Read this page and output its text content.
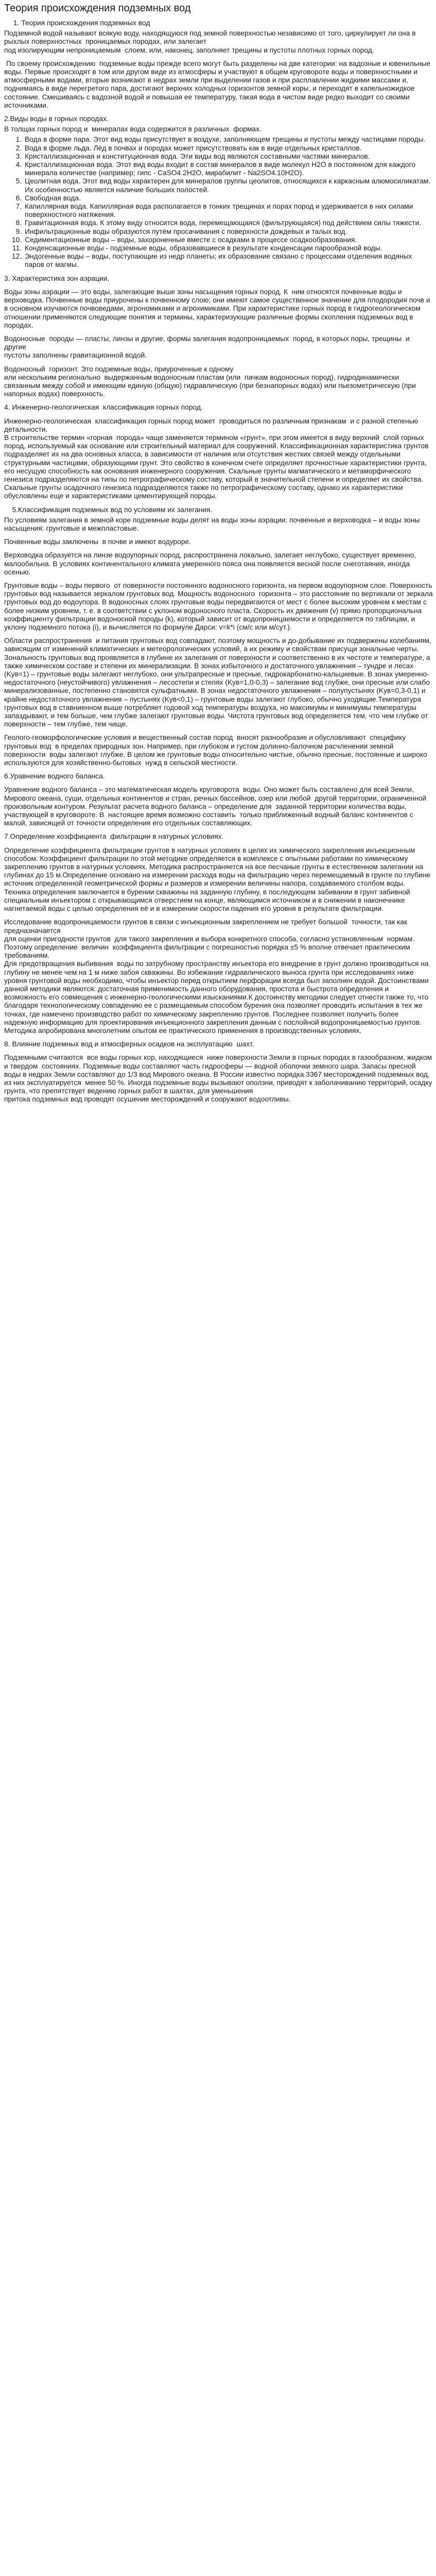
Теория происхождения подземных вод

1. Теория происхождения подземных вод

Подземной водой называют всякую воду, находящуюся под земной поверхностью независимо от того, циркулирует ли она в рыхлых поверхностных  проницаемых породах, или залегает
под изолирующим непроницаемым  слоем, или, наконец, заполняет трещины и пустоты плотных горных пород.

По своему происхождению  подземные воды прежде всего могут быть разделены на две категории: на вадозные и ювенильные воды. Первые происходят в том или другом виде из атмосферы и участвуют в общем круговороте воды и поверхностными и атмосферными водами, вторые возникают в недрах земли при выделении газов и при расплавлении жидкими массами и, поднимаясь в виде перегретого пара, достигают верхних холодных горизонтов земной коры, и переходят в капельножидкое состояние. Смешиваясь с вадозной водой и повышая ее температуру, такая вода в чистом виде редко выходит со своими источниками.

2.Виды воды в горных породах.

В толщах горных пород и  минералах вода содержится в различных  формах.

1. Вода в форме пара. Этот вид воды присутствует в воздухе, заполняющем трещины и пустоты между частицами породы.
2. Вода в форме льда. Лёд в почвах и породах может присутствовать как в виде отдельных кристаллов.
3. Кристаллизационная и конституционная вода. Эти виды вод являются составными частями минералов.
4. Кристаллизационная вода. Этот вид воды входит в состав минералов в виде молекул H2O в постоянном для каждого минерала количестве (например; гипс - CaSO4.2H2O, мирабилит - Na2SO4.10H2O).
5. Цеолитная вода. Этот вид воды характерен для минералов группы цеолитов, относящихся к каркасным алюмосиликатам. Их особенностью является наличие больших полостей.
6. Свободная вода.
7. Капиллярная вода. Капиллярная вода располагается в тонких трещинах и порах пород и удерживается в них силами поверхностного натяжения.
8. Гравитационная вода. К этому виду относится вода, перемещающаяся (фильтрующаяся) под действием силы тяжести.
9. Инфильтрационные воды образуются путём просачивания с поверхности дождевых и талых вод.
10. Седиментационные воды – воды, захороненные вместе с осадками в процессе осадкообразования.
11. Конденсационные воды - подземные воды, образовавшиеся в результате конденсации парообразной воды.
12. Эндогенные воды – воды, поступающие из недр планеты; их образование связано с процессами отделения водяных паров от магмы.

3. Характеристика зон аэрации.

Воды зоны аэрации — это воды, залегающие выше зоны насыщения горных пород. К  ним относятся почвенные воды и верховодка. Почвенные воды приурочены к почвенному слою; они имеют самое существенное значение для плодородия почв и в основном изучаются почвоведами, агрономиками и агрохимиками. При характеристике горных пород в гидрогеологическом отношении применяются следующие понятия и термины, характеризующие различные формы скопления подземных вод в породах.

Водоносные  породы — пласты, линзы и другие, формы залегания водопроницаемых  пород, в которых поры, трещины  и другие
пустоты заполнены гравитационной водой.

Водоносный  горизонт. Это подземные воды, приуроченные к одному
или нескольким регионально  выдержанным водоносным пластам (или  пачкам водоносных пород), гидродинамически связанным между собой и имеющим единую (общую) гидравлическую (при безнапорных водах) или пьезометрическую (при напорных водах) поверхность.

4. Инженерно-геологическая  классификация горных пород.

Инженерно-геологическая  классификация горных пород может  проводиться по различным признакам  и с разной степенью детальности.
В строительстве термин «горная  порода» чаще заменяется термином «грунт», при этом имеется в виду верхний  слой горных пород, используемый как основание или строительный материал для сооружений. Классификационная характеристика грунтов подразделяет их на два основных класса, в зависимости от наличия или отсутствия жестких связей между отдельными структурными частицами, образующими грунт. Это свойство в конечном счете определяет прочностные характеристики грунта, его несущую способность как основания инженерного сооружения. Скальные грунты магматического и метаморфического генезиса подразделяются на типы по петрографическому составу, который в значительной степени и определяет их свойства. Скальные грунты осадочного генезиса подразделяются также по петрографическому составу, однако их характеристики обусловлены еще и характеристиками цементирующей породы.

5.Классификация подземных вод по условиям их залегания.

По условиям залегания в земной коре подземные воды делят на воды зоны аэрации: почвенные и верховодка – и воды зоны насыщения: грунтовые и межпластовые.

Почвенные воды заключены  в почве и имеют водуроре.

Верховодка образуется на линзе водоупорных пород, распространена локально, залегает неглубоко, существует временно, малообильна. В условиях континентального климата умеренного пояса она появляется весной после снеготаяния, иногда осенью.

Грунтовые воды – воды первого  от поверхности постоянного водоносного горизонта, на первом водоупорном слое. Поверхность грунтовых вод называется зеркалом грунтовых вод. Мощность водоносного  горизонта – это расстояние по вертикали от зеркала грунтовых вод до водоупора. В водоносных слоях грунтовые воды передвигаются от мест с более высоким уровнем к местам с более низким уровнем, т. е. в соответствии с уклоном водоносного пласта. Скорость их движения (v) прямо пропорциональна коэффициенту фильтрации водоносной породы (k), который зависит от водопроницаемости и определяется по таблицам, и уклону подземного потока (i), и вычисляется по формуле Дарси: v=k*i (см/с или м/сут.).

Области распространения  и питания грунтовых вод совпадают, поэтому мощность и до-добывание их подвержены колебаниям, зависящим от изменений климатических и метеорологических условий, а их режиму и свойствам присущи зональные черты. Зональность грунтовых вод проявляется в глубине их залегания от поверхности и соответственно в их честоте и температуре, а также химическом составе и степени их минерализации. В зонах избыточного и достаточного увлажнения – тундре и лесах (Kув=1) – грунтовые воды залегают неглубоко, они ультрапресные и пресные, гидрокарбонатно-кальциевые. В зонах умеренно-недостаточного (неустойчивого) увлажнения – лесостепи и степях (Kув=1,0-0,3) – залегание вод глубже, они пресные или слабо минерализованные, постепенно становятся сульфатными. В зонах недостаточного увлажнения – полупустынях (Kув=0,3-0,1) и крайне недостаточного увлажнения – пустынях (Kув<0,1) – грунтовые воды залегают глубоко, обычно уходящие.Температура грунтовых вод в ставниенном выше потребляет годовой ход температуры воздуха, но максимумы и минимумы температуры запаздывают, и тем больше, чем глубже залегают грунтовые воды. Чистота грунтовых вод определяется тем, что чем глубже от поверхности – тем глубже, тем чище.

Геолого-геоморфологические условия и вещественный состав пород  вносят разнообразие и обусловливают  специфику грунтовых вод  в пределах природных зон. Например, при глубоком и густом долинно-балочном расчленении земной поверхности  воды залегают глубже. В целом же грунтовые воды относительно чистые, обычно пресные, постоянные и широко используются для хозяйственно-бытовых  нужд в сельской местности.

6.Уравнение водного баланса.

Уравнение водного баланса – это математическая модель круговорота  воды. Оно может быть составлено для всей Земли, Мирового океана, суши, отдельных континентов и стран, речных бассейнов, озер или любой  другой территории, ограниченной произвольным контуром. Результат расчета водного баланса – определение для  заданной территории количества воды, участвующей в круговороте. В  настоящее время возможно составить  только приближенный водный баланс континентов с малой, зависящей от точности определения его отдельных составляющих.

7.Определение коэффициента  фильтрации в натурных условиях.

Определение коэффициента фильтрации грунтов в натурных условиях в целях их химического закрепления инъекционным способом. Коэффициент фильтрации по этой методике определяется в комплексе с опытными работами по химическому закреплению грунтов в натурных условиях. Методика распространяется на все песчаные грунты в естественном залегании на глубинах до 15 м.Определение основано на измерении расхода воды на фильтрацию через перемещаемый в грунте по глубине источник определенной геометрической формы и размеров и измерении величины напора, создаваемого столбом воды. Техника определения заключается в бурении скважины на заданную глубину, в последующем забивании в грунт забивной специальным инъектором с открывающимся отверстием на конце, являющимся источником и в снижении в наконечнике нагнетаемой воды с целью определения её и в измерении скорости падения его уровня в результате фильтрации.

Исследование водопроницаемости грунтов в связи с инъекционным закреплением не требует большой  точности, так как предназначается
для оценки пригодности грунтов  для такого закрепления и выбора конкретного способа, согласно установленным  нормам.
Поэтому определение  величин  коэффициента фильтрации с погрешностью порядка ±5 % вполне отвечает практическим требованиям.
Для предотвращения выбивания  воды по затрубному пространству инъектора его внедрение в грунт должно производиться на глубину не менее чем на 1 м ниже забоя скважины. Во избежание гидравлического выноса грунта при исследованиях ниже уровня грунтовой воды необходимо, чтобы инъектор перед открытием перфорации всегда был заполнен водой. Достоинствами данной методики являются: достаточная применимость данного оборудования, простота и быстрота определения и возможность его совмещения с инженерно-геологическими изысканиями.К достоинству методики следует отнести также то, что благодаря технологическому совпадению ее с размещаемым способом бурения она позволяет проводить испытания в тех же точках, где намечено производство работ по химическому закреплению грунтов. Последнее позволяет получить более надежную информацию для проектирования инъекционного закрепления данным с послойной водопроницаемостью грунтов. Методика апробирована многолетним опытом ее практического применения в производственных условиях.

8. Влияние подземных вод и атмосферных осадков на эксплуатацию  шахт.

Подземными считаются  все воды горных кор, находящиеся  ниже поверхности Земли в горных породах в газообразном, жидком и твердом  состояниях. Подземные воды составляют часть гидросферы — водной оболочки земного шара. Запасы пресной  воды в недрах Земли составляют до 1/3 вод Мирового океана. В России известно порядка 3367 месторождений подземных вод, из них эксплуатируется  менее 50 %. Иногда подземные воды вызывают оползни, приводят к заболачиванию территорий, осадку грунта, что препятствует ведению горных работ в шахтах, для уменьшения
притока подземных вод проводят осушение месторождений и сооружают водоотливы.
